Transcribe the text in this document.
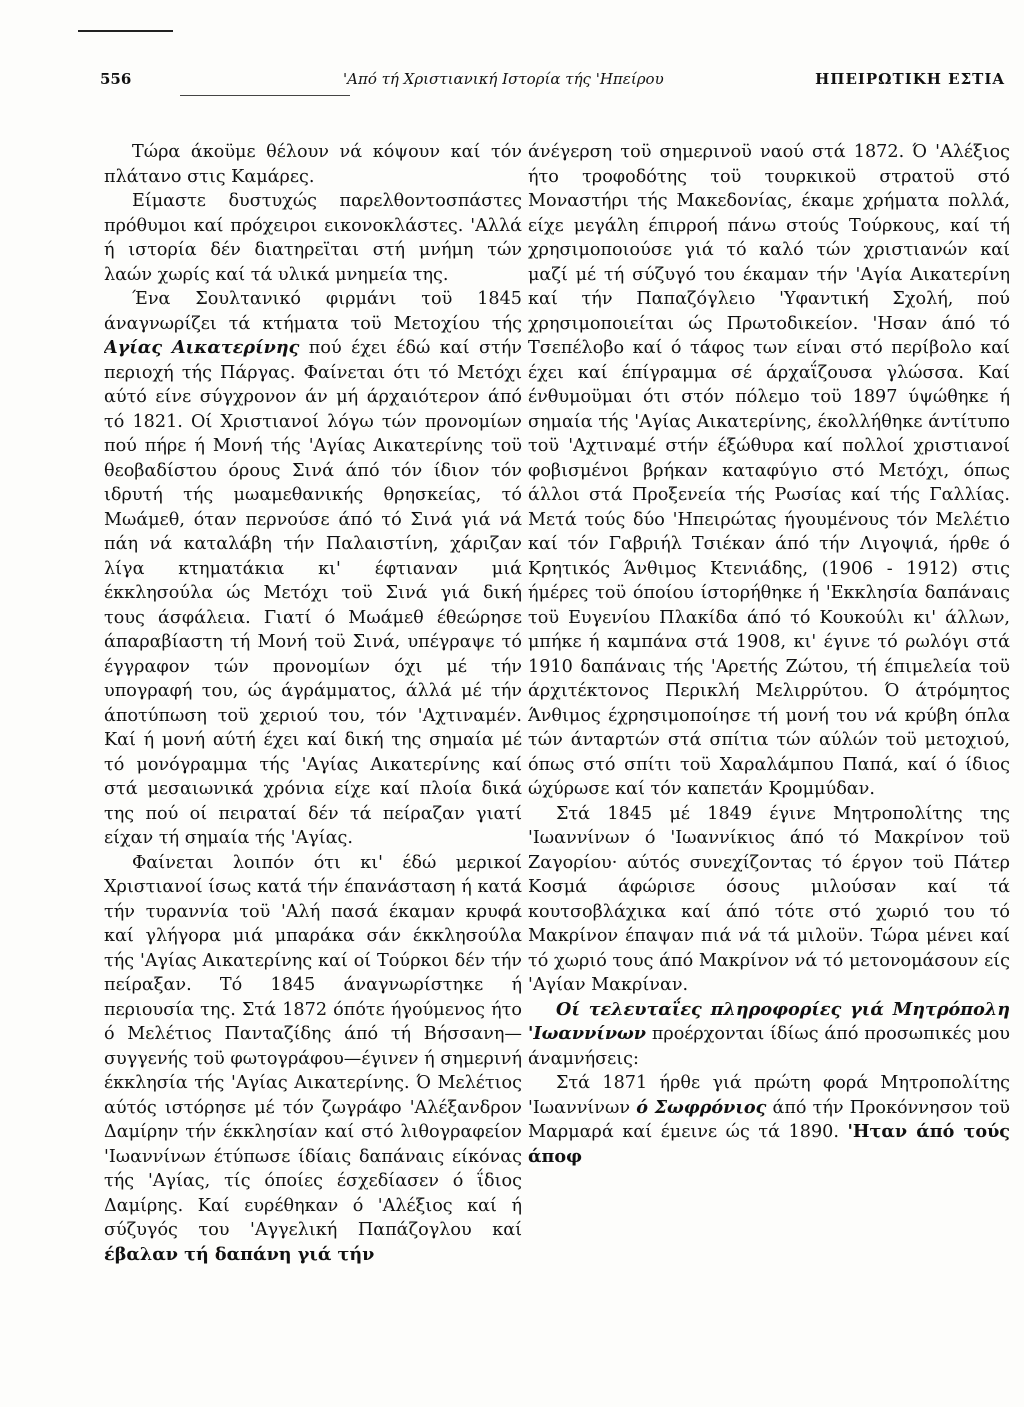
556	'Από τή Χριστιανική Ιστορία τής 'Ηπείρου	ΗΠΕΙΡΩΤΙΚΗ ΕΣΤΙΑ

Τώρα άκοϋμε θέλουν νά κόψουν καί τόν πλάτανο στις Καμάρες.

Είμαστε δυστυχώς παρελθοντοσπάστες πρόθυμοι καί πρόχειροι εικονοκλάστες. 'Αλλά ή ιστορία δέν διατηρεϊται στή μνήμη τών λαών χωρίς καί τά υλικά μνημεία της.

Ένα Σουλτανικό φιρμάνι τοϋ 1845 άναγνωρίζει τά κτήματα τοϋ Μετοχίου τής Αγίας Αικατερίνης πού έχει έδώ καί στήν περιοχή τής Πάργας. Φαίνεται ότι τό Μετόχι αύτό είνε σύγχρονον άν μή άρχαιότερον άπό τό 1821. Οί Χριστιανοί λόγω τών προνομίων πού πήρε ή Μονή τής 'Αγίας Αικατερίνης τοϋ θεοβαδίστου όρους Σινά άπό τόν ίδιον τόν ιδρυτή τής μωαμεθανικής θρησκείας, τό Μωάμεθ, όταν περνούσε άπό τό Σινά γιά νά πάη νά καταλάβη τήν Παλαιστίνη, χάριζαν λίγα κτηματάκια κι' έφτιαναν μιά έκκλησούλα ώς Μετόχι τοϋ Σινά γιά δική τους άσφάλεια. Γιατί ό Μωάμεθ έθεώρησε άπαραβίαστη τή Μονή τοϋ Σινά, υπέγραψε τό έγγραφον τών προνομίων όχι μέ τήν υπογραφή του, ώς άγράμματος, άλλά μέ τήν άποτύπωση τοϋ χεριού του, τόν 'Αχτιναμέν. Καί ή μονή αύτή έχει καί δική της σημαία μέ τό μονόγραμμα τής 'Αγίας Αικατερίνης καί στά μεσαιωνικά χρόνια είχε καί πλοία δικά της πού οί πειραταί δέν τά πείραζαν γιατί είχαν τή σημαία τής 'Αγίας.

Φαίνεται λοιπόν ότι κι' έδώ μερικοί Χριστιανοί ίσως κατά τήν έπανάσταση ή κατά τήν τυραννία τοϋ 'Αλή πασά έκαμαν κρυφά καί γλήγορα μιά μπαράκα σάν έκκλησούλα τής 'Αγίας Αικατερίνης καί οί Τούρκοι δέν τήν πείραξαν. Τό 1845 άναγνωρίστηκε ή περιουσία της. Στά 1872 όπότε ήγούμενος ήτο ό Μελέτιος Πανταζίδης άπό τή Βήσσανη—συγγενής τοϋ φωτογράφου—έγινεν ή σημερινή έκκλησία τής 'Αγίας Αικατερίνης. Ό Μελέτιος αύτός ιστόρησε μέ τόν ζωγράφο 'Αλέξανδρον Δαμίρην τήν έκκλησίαν καί στό λιθογραφείον 'Ιωαννίνων έτύπωσε ίδίαις δαπάναις είκόνας τής 'Αγίας, τίς όποίες έσχεδίασεν ό ΐδιος Δαμίρης. Καί ευρέθηκαν ό 'Αλέξιος καί ή σύζυγός του 'Αγγελική Παπάζογλου καί έβαλαν τή δαπάνη γιά τήν

άνέγερση τοϋ σημερινοϋ ναού στά 1872. Ό 'Αλέξιος ήτο τροφοδότης τοϋ τουρκικοϋ στρατοϋ στό Μοναστήρι τής Μακεδονίας, έκαμε χρήματα πολλά, είχε μεγάλη έπιρροή πάνω στούς Τούρκους, καί τή χρησιμοποιούσε γιά τό καλό τών χριστιανών καί μαζί μέ τή σύζυγό του έκαμαν τήν 'Αγία Αικατερίνη καί τήν Παπαζόγλειο 'Υφαντική Σχολή, πού χρησιμοποιείται ώς Πρωτοδικείον. 'Ησαν άπό τό Τσεπέλοβο καί ό τάφος των είναι στό περίβολο καί έχει καί έπίγραμμα σέ άρχαΐζουσα γλώσσα. Καί ένθυμοϋμαι ότι στόν πόλεμο τοϋ 1897 ύψώθηκε ή σημαία τής 'Αγίας Αικατερίνης, έκολλήθηκε άντίτυπο τοϋ 'Αχτιναμέ στήν έξώθυρα καί πολλοί χριστιανοί φοβισμένοι βρήκαν καταφύγιο στό Μετόχι, όπως άλλοι στά Προξενεία τής Ρωσίας καί τής Γαλλίας. Μετά τούς δύο 'Ηπειρώτας ήγουμένους τόν Μελέτιο καί τόν Γαβριήλ Τσιέκαν άπό τήν Λιγοψιά, ήρθε ό Κρητικός Άνθιμος Κτενιάδης, (1906 - 1912) στις ήμέρες τοϋ όποίου ίστορήθηκε ή 'Εκκλησία δαπάναις τοϋ Ευγενίου Πλακίδα άπό τό Κουκούλι κι' άλλων, μπήκε ή καμπάνα στά 1908, κι' έγινε τό ρωλόγι στά 1910 δαπάναις τής 'Αρετής Ζώτου, τή έπιμελεία τοϋ άρχιτέκτονος Περικλή Μελιρρύτου. Ό άτρόμητος Άνθιμος έχρησιμοποίησε τή μονή του νά κρύβη όπλα τών άνταρτών στά σπίτια τών αύλών τοϋ μετοχιού, όπως στό σπίτι τοϋ Χαραλάμπου Παπά, καί ό ίδιος ώχύρωσε καί τόν καπετάν Κρομμύδαν.

Στά 1845 μέ 1849 έγινε Μητροπολίτης της 'Ιωαννίνων ό 'Ιωαννίκιος άπό τό Μακρίνον τοϋ Ζαγορίου· αύτός συνεχίζοντας τό έργον τοϋ Πάτερ Κοσμά άφώρισε όσους μιλούσαν καί τά κουτσοβλάχικα καί άπό τότε στό χωριό του τό Μακρίνον έπαψαν πιά νά τά μιλοϋν. Τώρα μένει καί τό χωριό τους άπό Μακρίνον νά τό μετονομάσουν είς 'Αγίαν Μακρίναν.

Οί τελευταΐες πληροφορίες γιά Μητρόπολη 'Ιωαννίνων προέρχονται ίδίως άπό προσωπικές μου άναμνήσεις:

Στά 1871 ήρθε γιά πρώτη φορά Μητροπολίτης 'Ιωαννίνων ό Σωφρόνιος άπό τήν Προκόννησον τοϋ Μαρμαρά καί έμεινε ώς τά 1890. 'Ηταν άπό τούς άποφ
